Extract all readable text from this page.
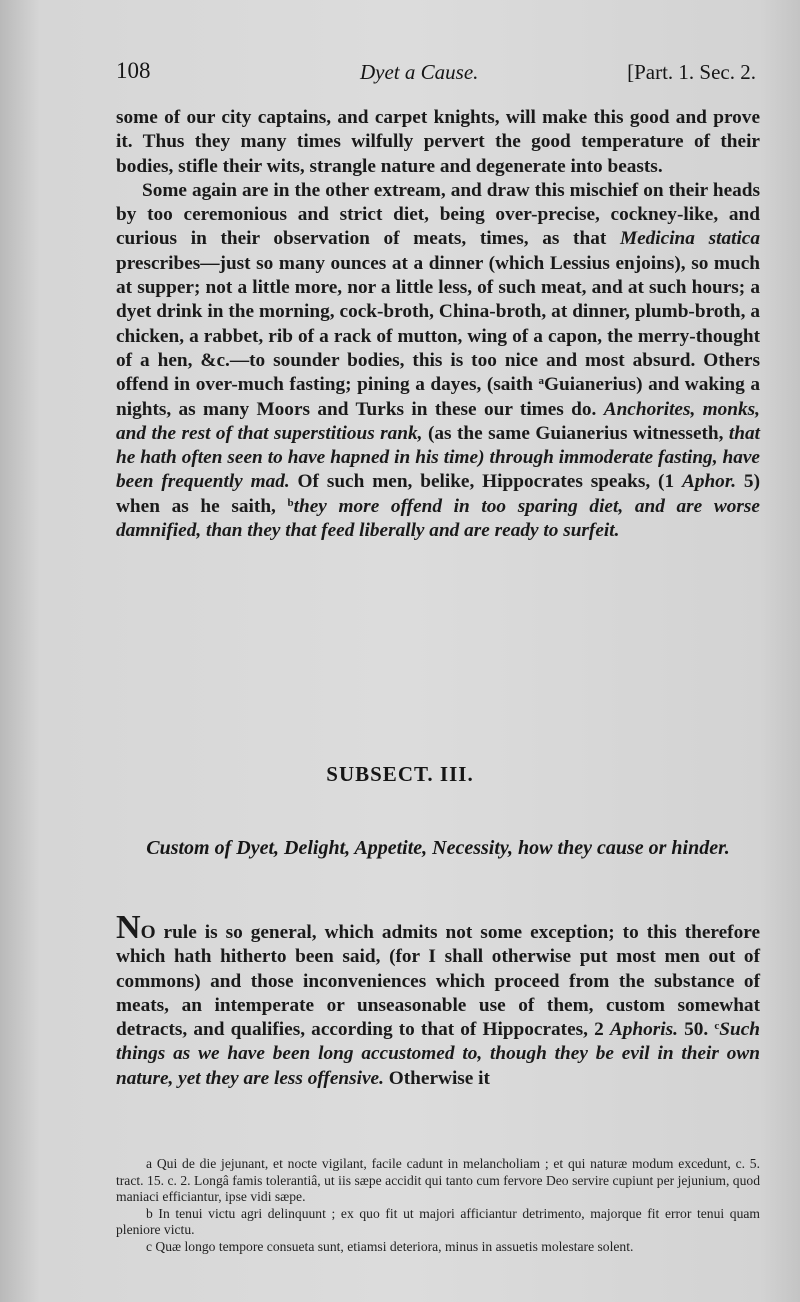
108	Dyet a Cause.	[Part. 1. Sec. 2.

some of our city captains, and carpet knights, will make this good and prove it. Thus they many times wilfully pervert the good temperature of their bodies, stifle their wits, strangle nature and degenerate into beasts.

Some again are in the other extream, and draw this mischief on their heads by too ceremonious and strict diet, being over-precise, cockney-like, and curious in their observation of meats, times, as that Medicina statica prescribes—just so many ounces at a dinner (which Lessius enjoins), so much at supper; not a little more, nor a little less, of such meat, and at such hours; a dyet drink in the morning, cock-broth, China-broth, at dinner, plumb-broth, a chicken, a rabbet, rib of a rack of mutton, wing of a capon, the merry-thought of a hen, &c.—to sounder bodies, this is too nice and most absurd. Others offend in over-much fasting; pining a dayes, (saith $^a$Guianerius) and waking a nights, as many Moors and Turks in these our times do. Anchorites, monks, and the rest of that superstitious rank, (as the same Guianerius witnesseth, that he hath often seen to have hapned in his time) through immoderate fasting, have been frequently mad. Of such men, belike, Hippocrates speaks, (1 Aphor. 5) when as he saith, $^b$they more offend in too sparing diet, and are worse damnified, than they that feed liberally and are ready to surfeit.

SUBSECT. III.
Custom of Dyet, Delight, Appetite, Necessity, how they cause or hinder.

NO rule is so general, which admits not some exception; to this therefore which hath hitherto been said, (for I shall otherwise put most men out of commons) and those inconveniences which proceed from the substance of meats, an intemperate or unseasonable use of them, custom somewhat detracts, and qualifies, according to that of Hippocrates, 2 Aphoris. 50. $^c$Such things as we have been long accustomed to, though they be evil in their own nature, yet they are less offensive. Otherwise it

a Qui de die jejunant, et nocte vigilant, facile cadunt in melancholiam ; et qui naturæ modum excedunt, c. 5. tract. 15. c. 2. Longâ famis tolerantiâ, ut iis sæpe accidit qui tanto cum fervore Deo servire cupiunt per jejunium, quod maniaci efficiantur, ipse vidi sæpe.

b In tenui victu agri delinquunt ; ex quo fit ut majori afficiantur detrimento, majorque fit error tenui quam pleniore victu.

c Quæ longo tempore consueta sunt, etiamsi deteriora, minus in assuetis molestare solent.
